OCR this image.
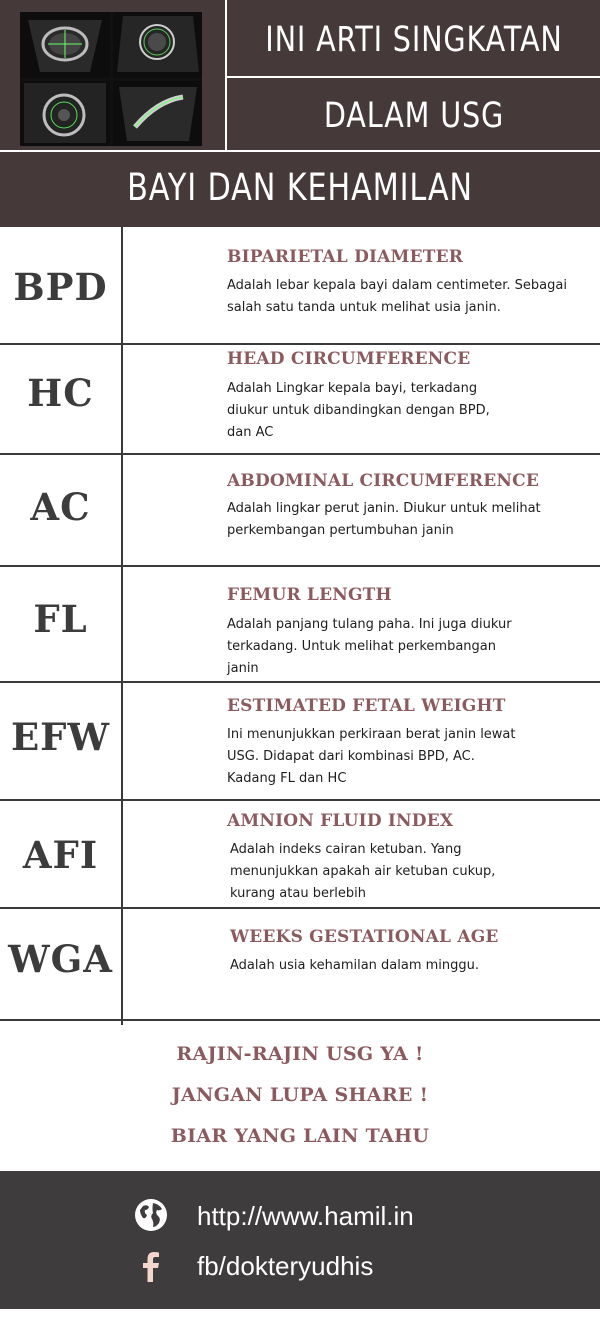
INI ARTI SINGKATAN
DALAM USG
BAYI DAN KEHAMILAN
BPD
BIPARIETAL DIAMETER
Adalah lebar kepala bayi dalam centimeter. Sebagai
salah satu tanda untuk melihat usia janin.
HC
HEAD CIRCUMFERENCE
Adalah Lingkar kepala bayi, terkadang
diukur untuk dibandingkan dengan BPD,
dan AC
AC
ABDOMINAL CIRCUMFERENCE
Adalah lingkar perut janin. Diukur untuk melihat
perkembangan pertumbuhan janin
FL
FEMUR LENGTH
Adalah panjang tulang paha. Ini juga diukur
terkadang. Untuk melihat perkembangan
janin
EFW
ESTIMATED FETAL WEIGHT
Ini menunjukkan perkiraan berat janin lewat
USG. Didapat dari kombinasi BPD, AC.
Kadang FL dan HC
AFI
AMNION FLUID INDEX
Adalah indeks cairan ketuban. Yang
menunjukkan apakah air ketuban cukup,
kurang atau berlebih
WGA	WEEKS GESTATIONAL AGE
Adalah usia kehamilan dalam minggu.
RAJIN-RAJIN USG YA !
JANGAN LUPA SHARE !
BIAR YANG LAIN TAHU
http://www.hamil.in
fb/dokteryudhis
